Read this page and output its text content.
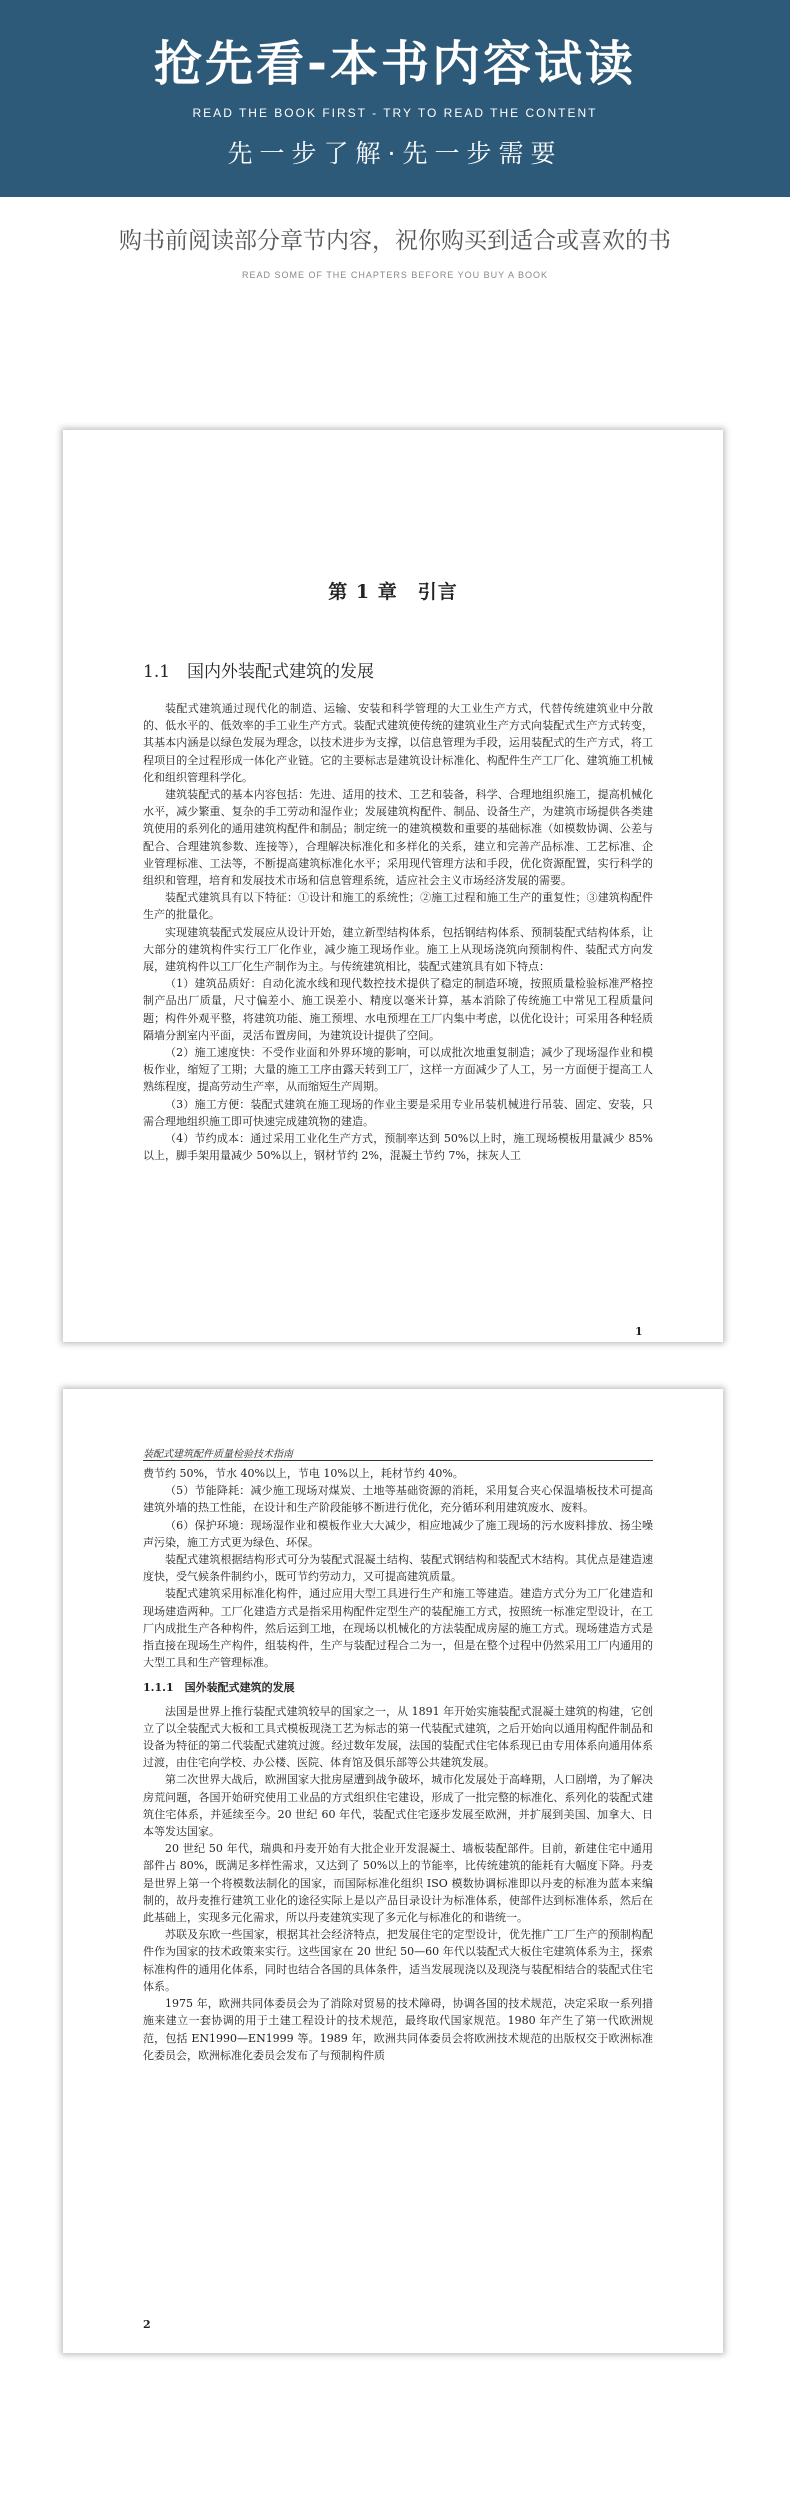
抢先看-本书内容试读
READ THE BOOK FIRST - TRY TO READ THE CONTENT
先一步了解·先一步需要
购书前阅读部分章节内容，祝你购买到适合或喜欢的书
READ SOME OF THE CHAPTERS BEFORE YOU BUY A BOOK
第 1 章　引言
1.1　国内外装配式建筑的发展

装配式建筑通过现代化的制造、运输、安装和科学管理的大工业生产方式，代替传统建筑业中分散的、低水平的、低效率的手工业生产方式。装配式建筑使传统的建筑业生产方式向装配式生产方式转变，其基本内涵是以绿色发展为理念，以技术进步为支撑，以信息管理为手段，运用装配式的生产方式，将工程项目的全过程形成一体化产业链。它的主要标志是建筑设计标准化、构配件生产工厂化、建筑施工机械化和组织管理科学化。

建筑装配式的基本内容包括：先进、适用的技术、工艺和装备，科学、合理地组织施工，提高机械化水平，减少繁重、复杂的手工劳动和湿作业；发展建筑构配件、制品、设备生产，为建筑市场提供各类建筑使用的系列化的通用建筑构配件和制品；制定统一的建筑模数和重要的基础标准（如模数协调、公差与配合、合理建筑参数、连接等），合理解决标准化和多样化的关系，建立和完善产品标准、工艺标准、企业管理标准、工法等，不断提高建筑标准化水平；采用现代管理方法和手段，优化资源配置，实行科学的组织和管理，培育和发展技术市场和信息管理系统，适应社会主义市场经济发展的需要。

装配式建筑具有以下特征：①设计和施工的系统性；②施工过程和施工生产的重复性；③建筑构配件生产的批量化。

实现建筑装配式发展应从设计开始，建立新型结构体系，包括钢结构体系、预制装配式结构体系，让大部分的建筑构件实行工厂化作业，减少施工现场作业。施工上从现场浇筑向预制构件、装配式方向发展，建筑构件以工厂化生产制作为主。与传统建筑相比，装配式建筑具有如下特点：

（1）建筑品质好：自动化流水线和现代数控技术提供了稳定的制造环境，按照质量检验标准严格控制产品出厂质量，尺寸偏差小、施工误差小、精度以毫米计算，基本消除了传统施工中常见工程质量问题；构件外观平整，将建筑功能、施工预埋、水电预埋在工厂内集中考虑，以优化设计；可采用各种轻质隔墙分割室内平面，灵活布置房间，为建筑设计提供了空间。

（2）施工速度快：不受作业面和外界环境的影响，可以成批次地重复制造；减少了现场湿作业和模板作业，缩短了工期；大量的施工工序由露天转到工厂，这样一方面减少了人工，另一方面便于提高工人熟练程度，提高劳动生产率，从而缩短生产周期。

（3）施工方便：装配式建筑在施工现场的作业主要是采用专业吊装机械进行吊装、固定、安装，只需合理地组织施工即可快速完成建筑物的建造。

（4）节约成本：通过采用工业化生产方式，预制率达到 50%以上时，施工现场模板用量减少 85%以上，脚手架用量减少 50%以上，钢材节约 2%，混凝土节约 7%，抹灰人工

1
装配式建筑配件质量检验技术指南

费节约 50%，节水 40%以上，节电 10%以上，耗材节约 40%。

（5）节能降耗：减少施工现场对煤炭、土地等基础资源的消耗，采用复合夹心保温墙板技术可提高建筑外墙的热工性能，在设计和生产阶段能够不断进行优化，充分循环利用建筑废水、废料。

（6）保护环境：现场湿作业和模板作业大大减少，相应地减少了施工现场的污水废料排放、扬尘噪声污染，施工方式更为绿色、环保。

装配式建筑根据结构形式可分为装配式混凝土结构、装配式钢结构和装配式木结构。其优点是建造速度快，受气候条件制约小，既可节约劳动力，又可提高建筑质量。

装配式建筑采用标准化构件，通过应用大型工具进行生产和施工等建造。建造方式分为工厂化建造和现场建造两种。工厂化建造方式是指采用构配件定型生产的装配施工方式，按照统一标准定型设计，在工厂内成批生产各种构件，然后运到工地，在现场以机械化的方法装配成房屋的施工方式。现场建造方式是指直接在现场生产构件，组装构件，生产与装配过程合二为一，但是在整个过程中仍然采用工厂内通用的大型工具和生产管理标准。

1.1.1　国外装配式建筑的发展

法国是世界上推行装配式建筑较早的国家之一，从 1891 年开始实施装配式混凝土建筑的构建，它创立了以全装配式大板和工具式模板现浇工艺为标志的第一代装配式建筑，之后开始向以通用构配件制品和设备为特征的第二代装配式建筑过渡。经过数年发展，法国的装配式住宅体系现已由专用体系向通用体系过渡，由住宅向学校、办公楼、医院、体育馆及俱乐部等公共建筑发展。

第二次世界大战后，欧洲国家大批房屋遭到战争破坏，城市化发展处于高峰期，人口剧增，为了解决房荒问题，各国开始研究使用工业品的方式组织住宅建设，形成了一批完整的标准化、系列化的装配式建筑住宅体系，并延续至今。20 世纪 60 年代，装配式住宅逐步发展至欧洲，并扩展到美国、加拿大、日本等发达国家。

20 世纪 50 年代，瑞典和丹麦开始有大批企业开发混凝土、墙板装配部件。目前，新建住宅中通用部件占 80%，既满足多样性需求，又达到了 50%以上的节能率，比传统建筑的能耗有大幅度下降。丹麦是世界上第一个将模数法制化的国家，而国际标准化组织 ISO 模数协调标准即以丹麦的标准为蓝本来编制的，故丹麦推行建筑工业化的途径实际上是以产品目录设计为标准体系，使部件达到标准体系，然后在此基础上，实现多元化需求，所以丹麦建筑实现了多元化与标准化的和谐统一。

苏联及东欧一些国家，根据其社会经济特点，把发展住宅的定型设计，优先推广工厂生产的预制构配件作为国家的技术政策来实行。这些国家在 20 世纪 50—60 年代以装配式大板住宅建筑体系为主，探索标准构件的通用化体系，同时也结合各国的具体条件，适当发展现浇以及现浇与装配相结合的装配式住宅体系。

1975 年，欧洲共同体委员会为了消除对贸易的技术障碍，协调各国的技术规范，决定采取一系列措施来建立一套协调的用于土建工程设计的技术规范，最终取代国家规范。1980 年产生了第一代欧洲规范，包括 EN1990—EN1999 等。1989 年，欧洲共同体委员会将欧洲技术规范的出版权交于欧洲标准化委员会，欧洲标准化委员会发布了与预制构件质

2
